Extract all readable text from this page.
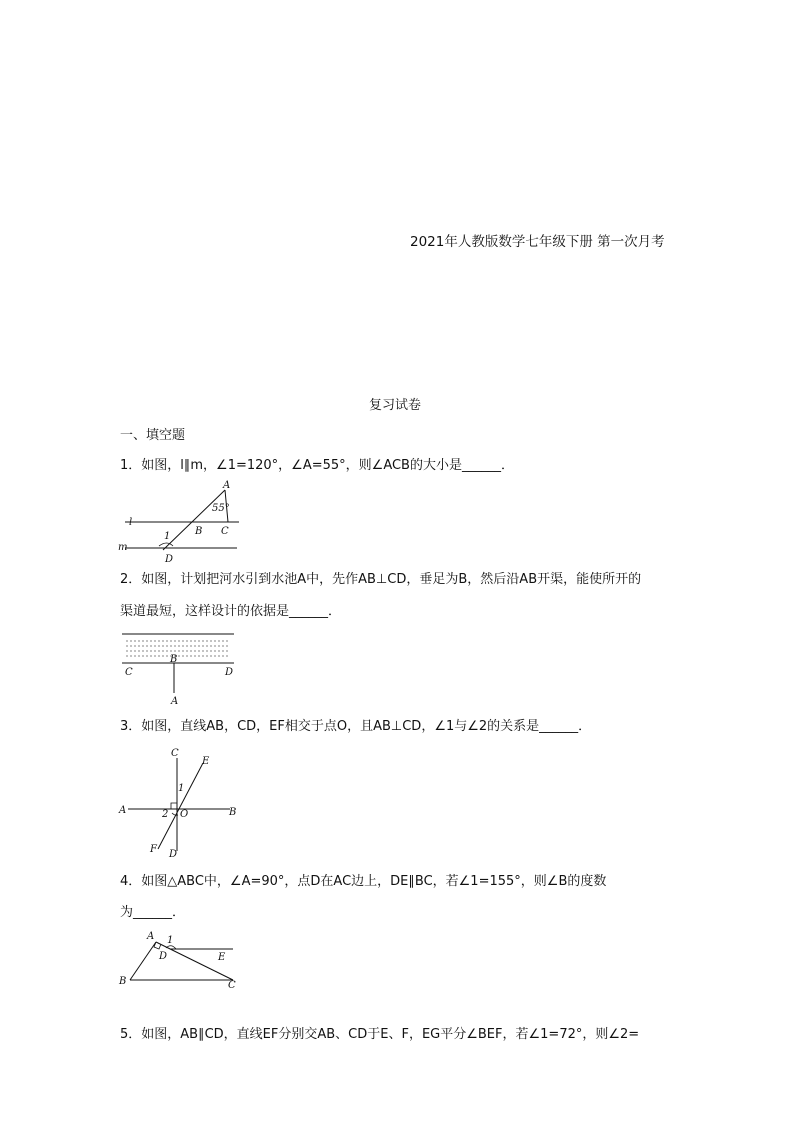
2021年人教版数学七年级下册 第一次月考
复习试卷
一、填空题
1．如图，l∥m，∠1=120°，∠A=55°，则∠ACB的大小是______．
A
55°
l
m
1 B C
D
2．如图，计划把河水引到水池A中，先作AB⊥CD，垂足为B，然后沿AB开渠，能使所开的
渠道最短，这样设计的依据是______．
B
C	D
A
3．如图，直线AB，CD，EF相交于点O，且AB⊥CD，∠1与∠2的关系是______．
C
E
1
A	2 O	B
F D
4．如图△ABC中，∠A=90°，点D在AC边上，DE∥BC，若∠1=155°，则∠B的度数
为______．
A 1
D	E
B	C
5．如图，AB∥CD，直线EF分别交AB、CD于E、F，EG平分∠BEF，若∠1=72°，则∠2=
